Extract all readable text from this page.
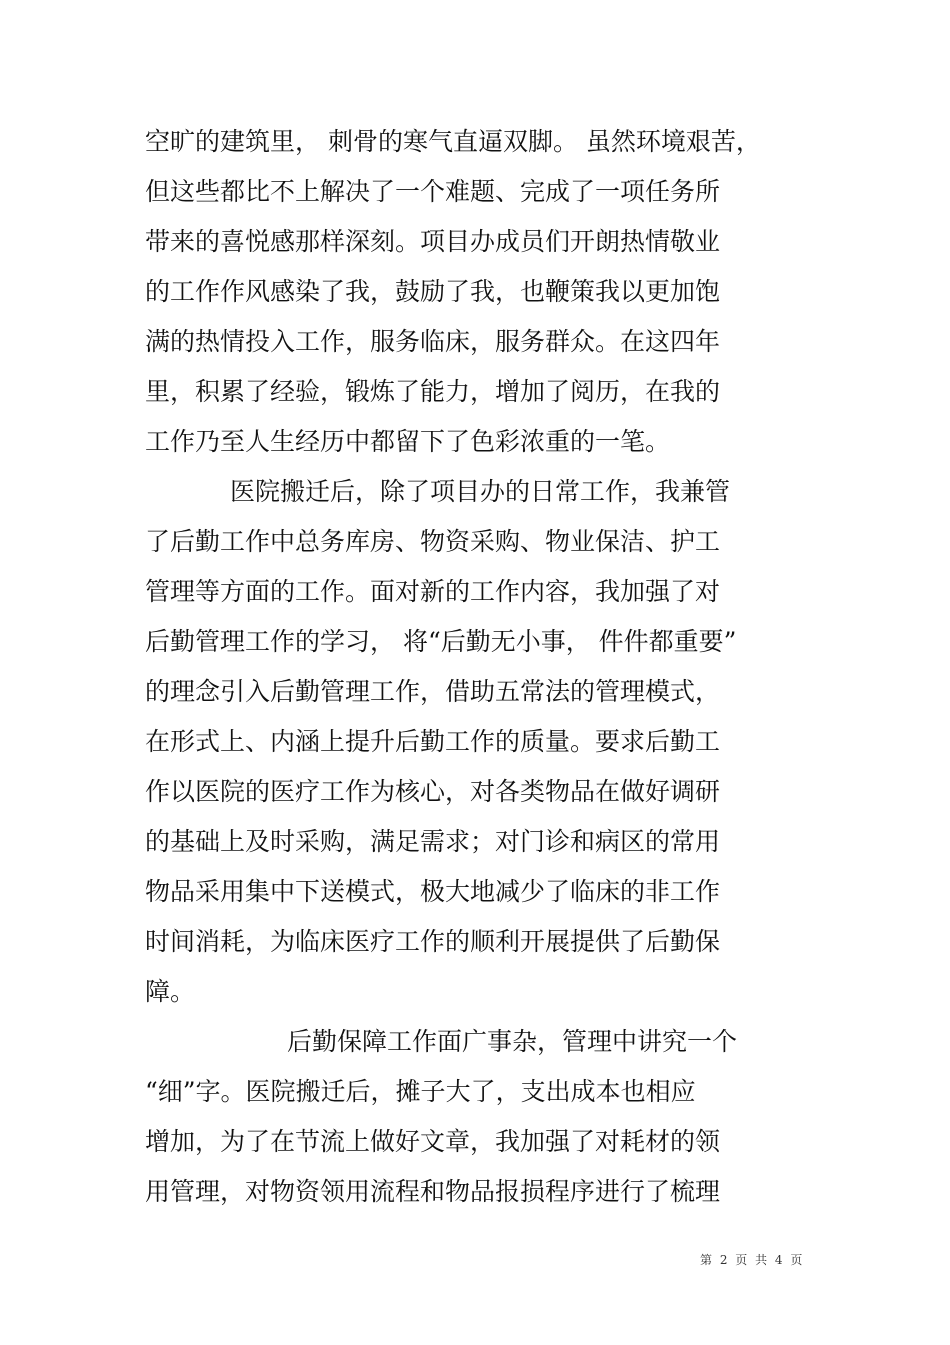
空旷的建筑里， 刺骨的寒气直逼双脚。 虽然环境艰苦，
但这些都比不上解决了一个难题、完成了一项任务所
带来的喜悦感那样深刻。项目办成员们开朗热情敬业
的工作作风感染了我，鼓励了我，也鞭策我以更加饱
满的热情投入工作，服务临床，服务群众。在这四年
里，积累了经验，锻炼了能力，增加了阅历，在我的
工作乃至人生经历中都留下了色彩浓重的一笔。
医院搬迁后，除了项目办的日常工作，我兼管
了后勤工作中总务库房、物资采购、物业保洁、护工
管理等方面的工作。面对新的工作内容，我加强了对
后勤管理工作的学习， 将“后勤无小事， 件件都重要”
的理念引入后勤管理工作，借助五常法的管理模式，
在形式上、内涵上提升后勤工作的质量。要求后勤工
作以医院的医疗工作为核心，对各类物品在做好调研
的基础上及时采购，满足需求；对门诊和病区的常用
物品采用集中下送模式，极大地减少了临床的非工作
时间消耗，为临床医疗工作的顺利开展提供了后勤保
障。
后勤保障工作面广事杂，管理中讲究一个
“细”字。医院搬迁后，摊子大了，支出成本也相应
增加，为了在节流上做好文章，我加强了对耗材的领
用管理，对物资领用流程和物品报损程序进行了梳理
第 2 页 共 4 页
